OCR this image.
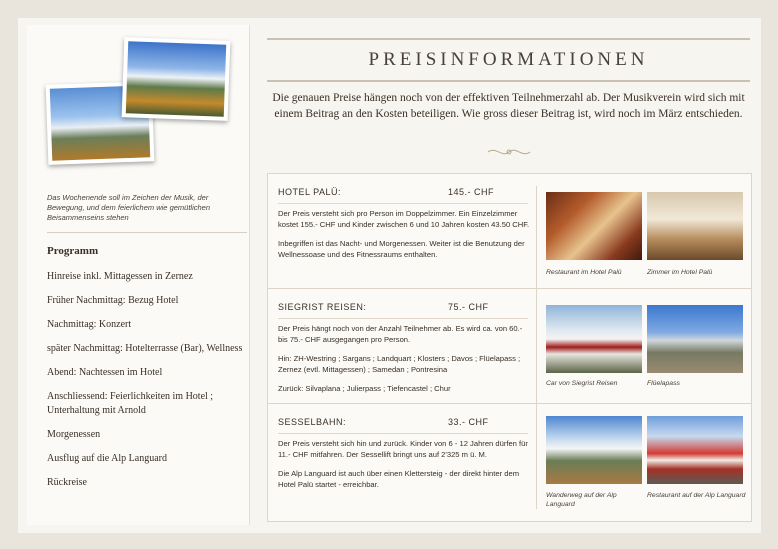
Das Wochenende soll im Zeichen der Musik, der Bewegung, und dem feierlichem wie gemütlichen Beisammenseins stehen
Programm
Hinreise inkl. Mittagessen in Zernez
Früher Nachmittag: Bezug Hotel
Nachmittag: Konzert
später Nachmittag: Hotelterrasse (Bar), Wellness
Abend: Nachtessen im Hotel
Anschliessend: Feierlichkeiten im Hotel ; Unterhaltung mit Arnold
Morgenessen
Ausflug auf die Alp Languard
Rückreise
PREISINFORMATIONEN
Die genauen Preise hängen noch von der effektiven Teilnehmerzahl ab. Der Musikverein wird sich mit einem Beitrag an den Kosten beteiligen. Wie gross dieser Beitrag ist, wird noch im März entschieden.
HOTEL PALÜ:	145.- CHF

Der Preis versteht sich pro Person im Doppelzimmer. Ein Einzelzimmer kostet 155.- CHF und Kinder zwischen 6 und 10 Jahren kosten 43.50 CHF.

Inbegriffen ist das Nacht- und Morgenessen. Weiter ist die Benutzung der Wellnessoase und des Fitnessraums enthalten.

Restaurant im Hotel Palü	Zimmer im Hotel Palü
SIEGRIST REISEN:	75.- CHF

Der Preis hängt noch von der Anzahl Teilnehmer ab. Es wird ca. von 60.- bis 75.- CHF ausgegangen pro Person.

Hin: ZH-Westring ; Sargans ; Landquart ; Klosters ; Davos ; Flüelapass ; Zernez (evtl. Mittagessen) ; Samedan ; Pontresina

Zurück: Silvaplana ; Julierpass ; Tiefencastel ; Chur

Car von Siegrist Reisen	Flüelapass
SESSELBAHN:	33.- CHF

Der Preis versteht sich hin und zurück. Kinder von 6 - 12 Jahren dürfen für 11.- CHF mitfahren. Der Sessellift bringt uns auf 2'325 m ü. M.

Die Alp Languard ist auch über einen Klettersteig - der direkt hinter dem Hotel Palü startet - erreichbar.

Wanderweg auf der Alp Languard
Restaurant auf der Alp Languard
